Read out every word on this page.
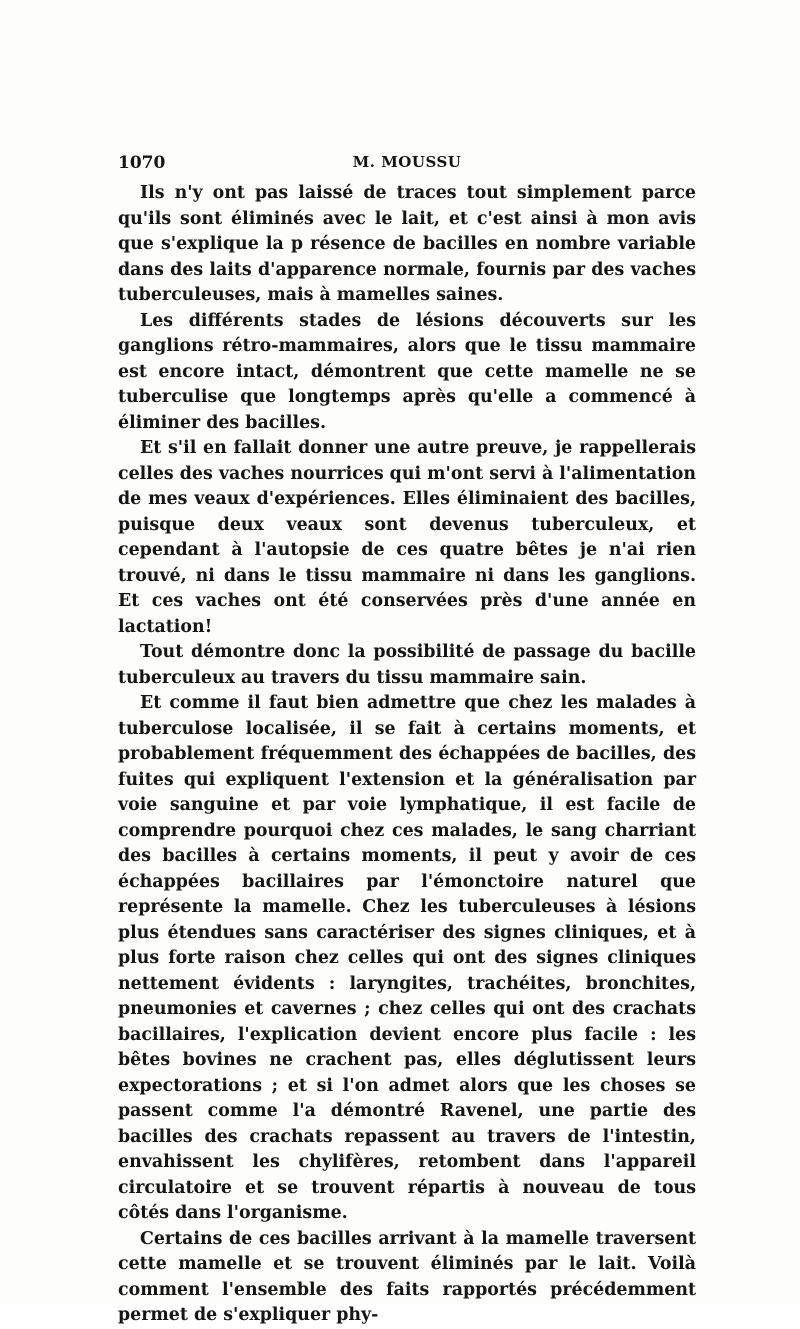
1070	M. MOUSSU

Ils n'y ont pas laissé de traces tout simplement parce qu'ils sont éliminés avec le lait, et c'est ainsi à mon avis que s'explique la p résence de bacilles en nombre variable dans des laits d'apparence normale, fournis par des vaches tuberculeuses, mais à mamelles saines.

Les différents stades de lésions découverts sur les ganglions rétro-mammaires, alors que le tissu mammaire est encore intact, démontrent que cette mamelle ne se tuberculise que longtemps après qu'elle a commencé à éliminer des bacilles.

Et s'il en fallait donner une autre preuve, je rappellerais celles des vaches nourrices qui m'ont servi à l'alimentation de mes veaux d'expériences. Elles éliminaient des bacilles, puisque deux veaux sont devenus tuberculeux, et cependant à l'autopsie de ces quatre bêtes je n'ai rien trouvé, ni dans le tissu mammaire ni dans les ganglions. Et ces vaches ont été conservées près d'une année en lactation!

Tout démontre donc la possibilité de passage du bacille tuberculeux au travers du tissu mammaire sain.

Et comme il faut bien admettre que chez les malades à tuberculose localisée, il se fait à certains moments, et probablement fréquemment des échappées de bacilles, des fuites qui expliquent l'extension et la généralisation par voie sanguine et par voie lymphatique, il est facile de comprendre pourquoi chez ces malades, le sang charriant des bacilles à certains moments, il peut y avoir de ces échappées bacillaires par l'émonctoire naturel que représente la mamelle. Chez les tuberculeuses à lésions plus étendues sans caractériser des signes cliniques, et à plus forte raison chez celles qui ont des signes cliniques nettement évidents : laryngites, trachéites, bronchites, pneumonies et cavernes ; chez celles qui ont des crachats bacillaires, l'explication devient encore plus facile : les bêtes bovines ne crachent pas, elles déglutissent leurs expectorations ; et si l'on admet alors que les choses se passent comme l'a démontré Ravenel, une partie des bacilles des crachats repassent au travers de l'intestin, envahissent les chylifères, retombent dans l'appareil circulatoire et se trouvent répartis à nouveau de tous côtés dans l'organisme.

Certains de ces bacilles arrivant à la mamelle traversent cette mamelle et se trouvent éliminés par le lait. Voilà comment l'ensemble des faits rapportés précédemment permet de s'expliquer phy-
